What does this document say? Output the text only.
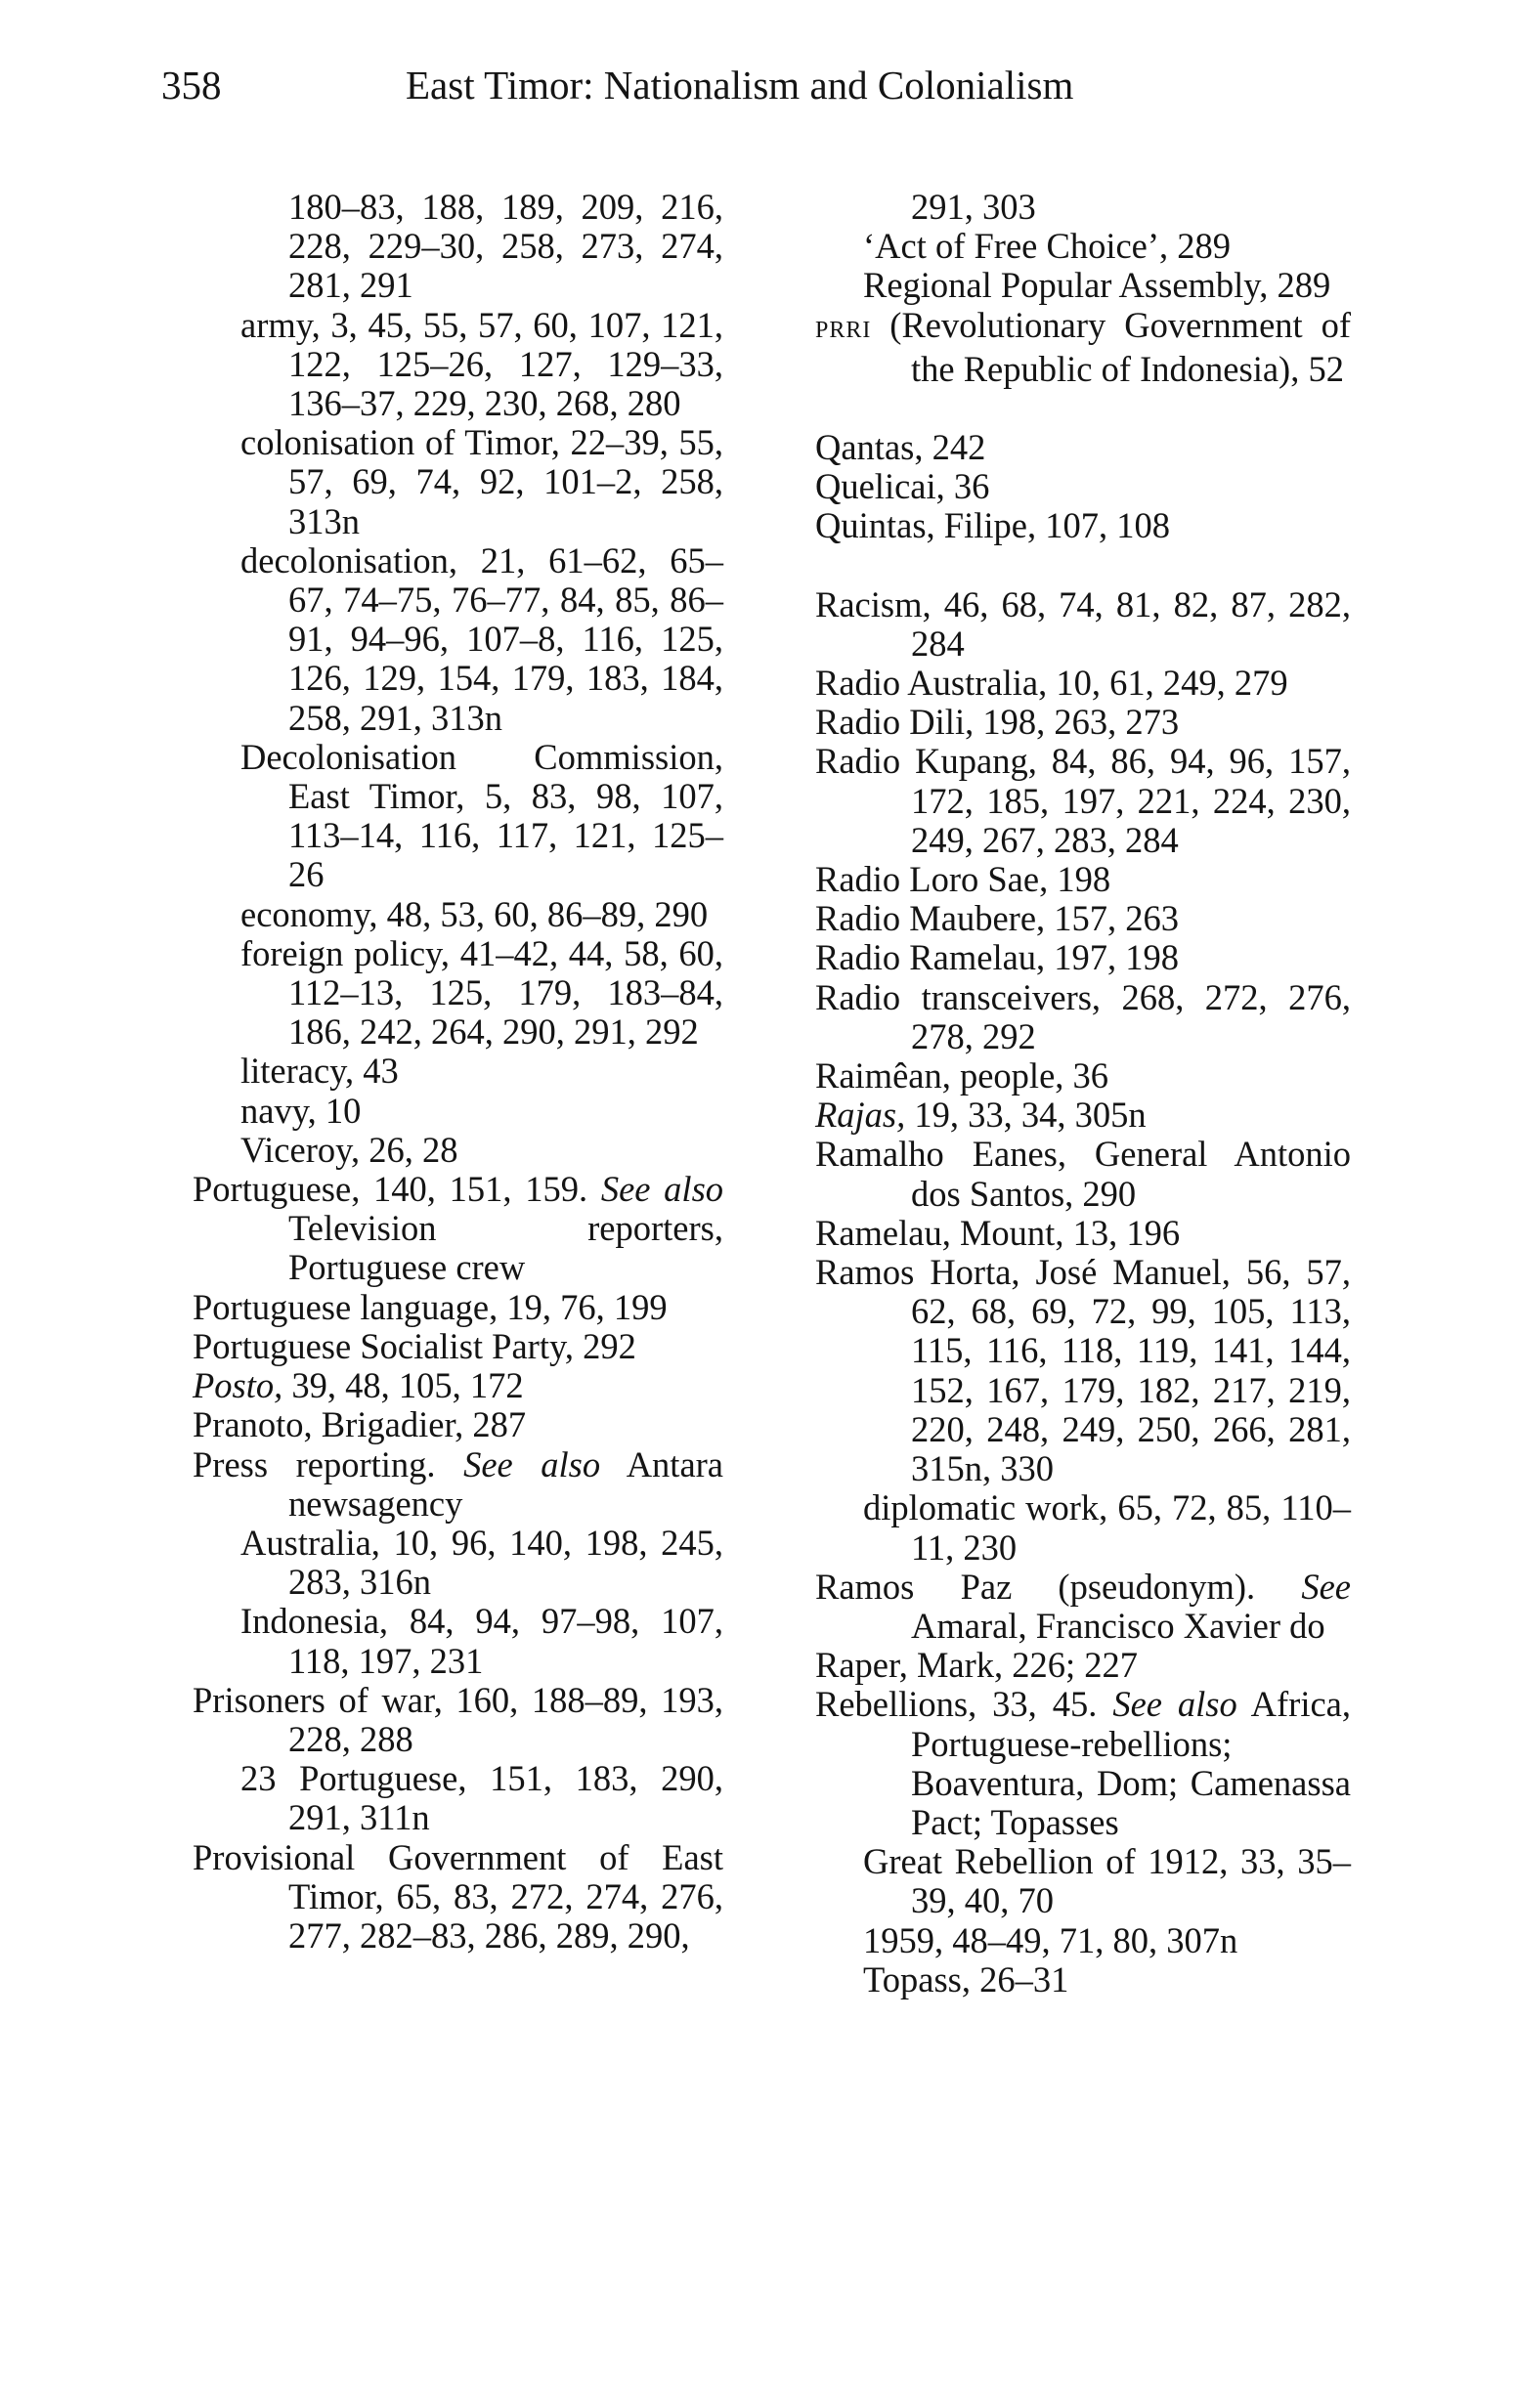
358	East Timor: Nationalism and Colonialism

180–83, 188, 189, 209, 216, 228, 229–30, 258, 273, 274, 281, 291

army, 3, 45, 55, 57, 60, 107, 121, 122, 125–26, 127, 129–33, 136–37, 229, 230, 268, 280

colonisation of Timor, 22–39, 55, 57, 69, 74, 92, 101–2, 258, 313n

decolonisation, 21, 61–62, 65–67, 74–75, 76–77, 84, 85, 86–91, 94–96, 107–8, 116, 125, 126, 129, 154, 179, 183, 184, 258, 291, 313n

Decolonisation Commission, East Timor, 5, 83, 98, 107, 113–14, 116, 117, 121, 125–26

economy, 48, 53, 60, 86–89, 290

foreign policy, 41–42, 44, 58, 60, 112–13, 125, 179, 183–84, 186, 242, 264, 290, 291, 292

literacy, 43

navy, 10

Viceroy, 26, 28

Portuguese, 140, 151, 159. See also Television reporters, Portuguese crew

Portuguese language, 19, 76, 199

Portuguese Socialist Party, 292

Posto, 39, 48, 105, 172

Pranoto, Brigadier, 287

Press reporting. See also Antara newsagency

Australia, 10, 96, 140, 198, 245, 283, 316n

Indonesia, 84, 94, 97–98, 107, 118, 197, 231

Prisoners of war, 160, 188–89, 193, 228, 288

23 Portuguese, 151, 183, 290, 291, 311n

Provisional Government of East Timor, 65, 83, 272, 274, 276, 277, 282–83, 286, 289, 290,

291, 303

‘Act of Free Choice’, 289

Regional Popular Assembly, 289

PRRI (Revolutionary Government of the Republic of Indonesia), 52

Qantas, 242

Quelicai, 36

Quintas, Filipe, 107, 108

Racism, 46, 68, 74, 81, 82, 87, 282, 284

Radio Australia, 10, 61, 249, 279

Radio Dili, 198, 263, 273

Radio Kupang, 84, 86, 94, 96, 157, 172, 185, 197, 221, 224, 230, 249, 267, 283, 284

Radio Loro Sae, 198

Radio Maubere, 157, 263

Radio Ramelau, 197, 198

Radio transceivers, 268, 272, 276, 278, 292

Raimêan, people, 36

Rajas, 19, 33, 34, 305n

Ramalho Eanes, General Antonio dos Santos, 290

Ramelau, Mount, 13, 196

Ramos Horta, José Manuel, 56, 57, 62, 68, 69, 72, 99, 105, 113, 115, 116, 118, 119, 141, 144, 152, 167, 179, 182, 217, 219, 220, 248, 249, 250, 266, 281, 315n, 330

diplomatic work, 65, 72, 85, 110–11, 230

Ramos Paz (pseudonym). See Amaral, Francisco Xavier do

Raper, Mark, 226; 227

Rebellions, 33, 45. See also Africa, Portuguese-rebellions; Boaventura, Dom; Camenassa Pact; Topasses

Great Rebellion of 1912, 33, 35–39, 40, 70

1959, 48–49, 71, 80, 307n

Topass, 26–31
